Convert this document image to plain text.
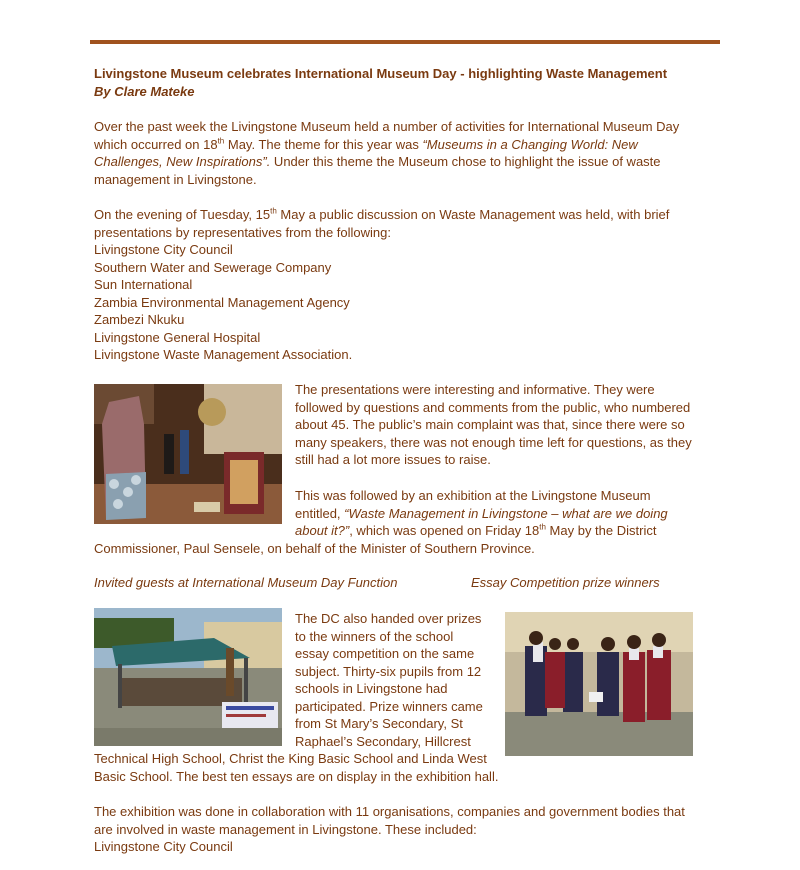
Livingstone Museum celebrates International Museum Day - highlighting Waste Management
By Clare Mateke
Over the past week the Livingstone Museum held a number of activities for International Museum Day
which occurred on 18th May. The theme for this year was “Museums in a Changing World: New
Challenges, New Inspirations”. Under this theme the Museum chose to highlight the issue of waste
management in Livingstone.
On the evening of Tuesday, 15th May a public discussion on Waste Management was held, with brief
presentations by representatives from the following:
Livingstone City Council
Southern Water and Sewerage Company
Sun International
Zambia Environmental Management Agency
Zambezi Nkuku
Livingstone General Hospital
Livingstone Waste Management Association.
The presentations were interesting and informative. They were
followed by questions and comments from the public, who numbered
about 45. The public’s main complaint was that, since there were so
many speakers, there was not enough time left for questions, as they
still had a lot more issues to raise.
This was followed by an exhibition at the Livingstone Museum
entitled, “Waste Management in Livingstone – what are we doing
about it?”, which was opened on Friday 18th May by the District
Commissioner, Paul Sensele, on behalf of the Minister of Southern Province.
Invited guests at International Museum Day Function	Essay Competition prize winners
The DC also handed over prizes
to the winners of the school
essay competition on the same
subject. Thirty-six pupils from 12
schools in Livingstone had
participated. Prize winners came
from St Mary’s Secondary, St
Raphael’s Secondary, Hillcrest
Technical High School, Christ the King Basic School and Linda West
Basic School. The best ten essays are on display in the exhibition hall.
The exhibition was done in collaboration with 11 organisations, companies and government bodies that
are involved in waste management in Livingstone. These included:
Livingstone City Council
